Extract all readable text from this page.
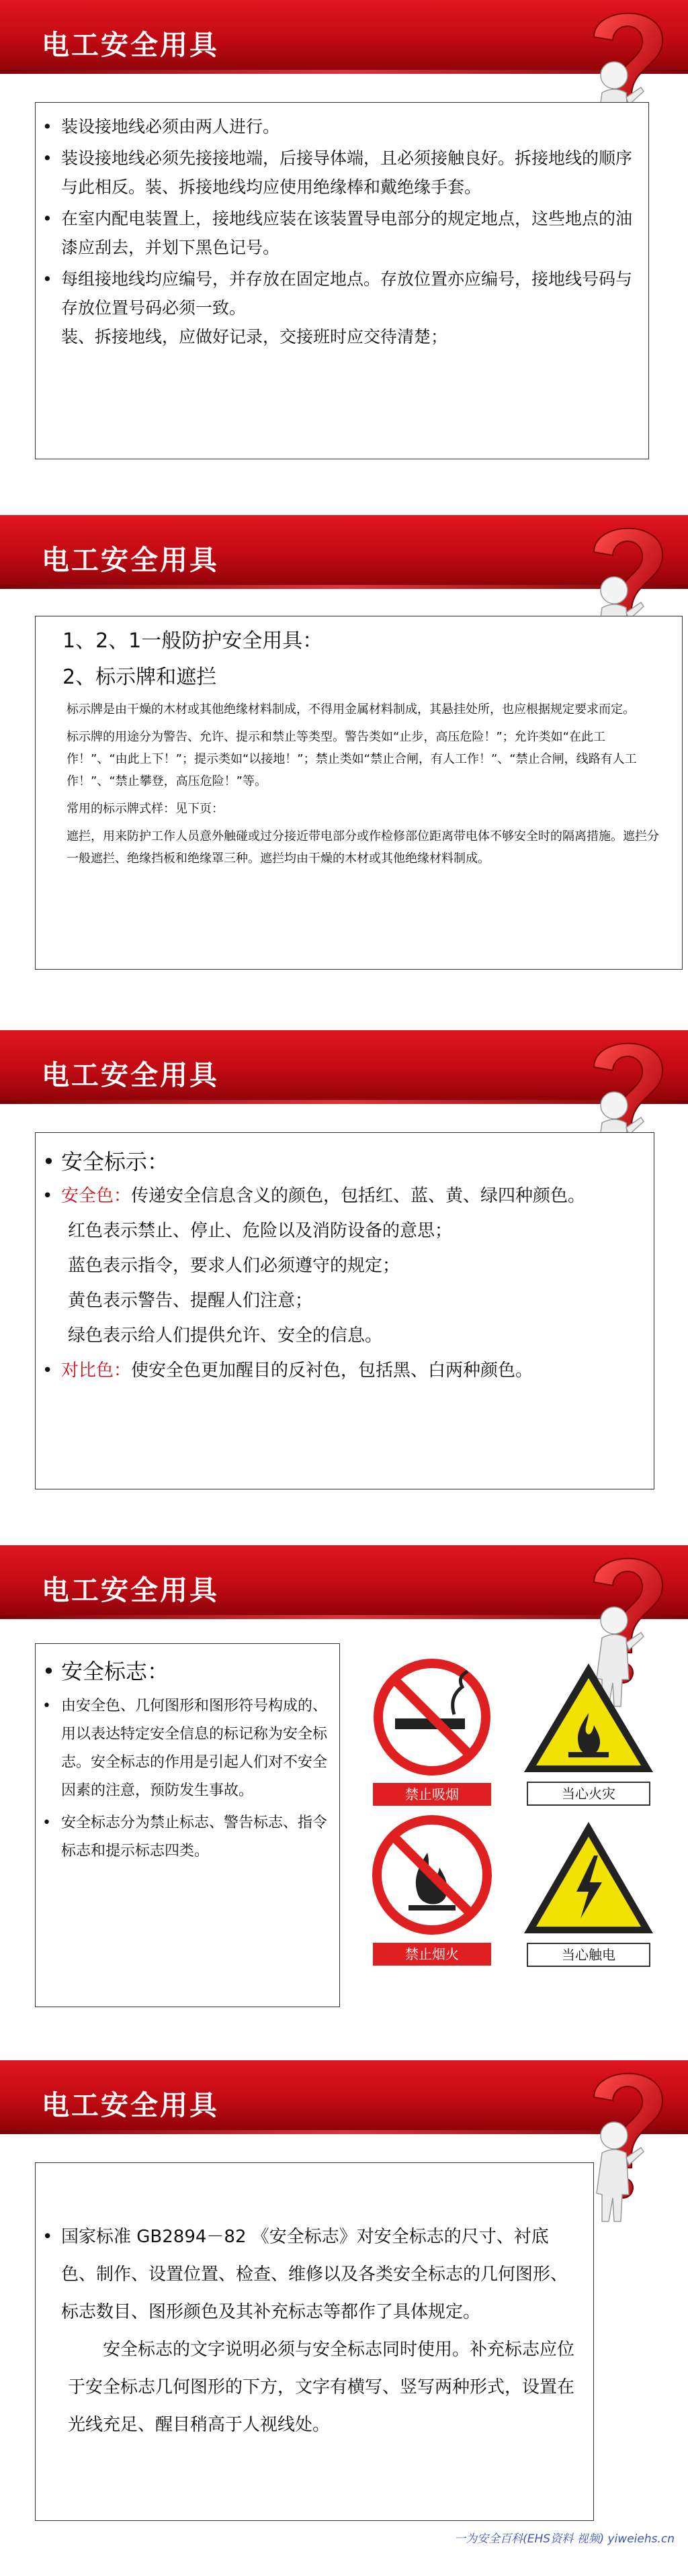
电工安全用具
• 装设接地线必须由两人进行。
• 装设接地线必须先接接地端，后接导体端，且必须接触良好。拆接地线的顺序与此相反。装、拆接地线均应使用绝缘棒和戴绝缘手套。
• 在室内配电装置上，接地线应装在该装置导电部分的规定地点，这些地点的油漆应刮去，并划下黑色记号。
• 每组接地线均应编号，并存放在固定地点。存放位置亦应编号，接地线号码与存放位置号码必须一致。
装、拆接地线，应做好记录，交接班时应交待清楚；
电工安全用具
1、2、1一般防护安全用具：
2、标示牌和遮拦

标示牌是由干燥的木材或其他绝缘材料制成，不得用金属材料制成，其悬挂处所，也应根据规定要求而定。

标示牌的用途分为警告、允许、提示和禁止等类型。警告类如“止步，高压危险！”；允许类如“在此工作！”、“由此上下！”；提示类如“以接地！”；禁止类如“禁止合闸，有人工作！”、“禁止合闸，线路有人工作！”、“禁止攀登，高压危险！”等。

常用的标示牌式样：见下页：

遮拦，用来防护工作人员意外触碰或过分接近带电部分或作检修部位距离带电体不够安全时的隔离措施。遮拦分一般遮拦、绝缘挡板和绝缘罩三种。遮拦均由干燥的木材或其他绝缘材料制成。

电工安全用具
• 安全标示：
• 安全色：传递安全信息含义的颜色，包括红、蓝、黄、绿四种颜色。
红色表示禁止、停止、危险以及消防设备的意思；
蓝色表示指令，要求人们必须遵守的规定；
黄色表示警告、提醒人们注意；
绿色表示给人们提供允许、安全的信息。
• 对比色：使安全色更加醒目的反衬色，包括黑、白两种颜色。
电工安全用具
• 安全标志：
• 由安全色、几何图形和图形符号构成的、用以表达特定安全信息的标记称为安全标志。安全标志的作用是引起人们对不安全因素的注意，预防发生事故。
• 安全标志分为禁止标志、警告标志、指令标志和提示标志四类。
禁止吸烟	当心火灾
禁止烟火	当心触电
电工安全用具
• 国家标准 GB2894－82 《安全标志》对安全标志的尺寸、衬底色、制作、设置位置、检查、维修以及各类安全标志的几何图形、标志数目、图形颜色及其补充标志等都作了具体规定。
安全标志的文字说明必须与安全标志同时使用。补充标志应位于安全标志几何图形的下方，文字有横写、竖写两种形式，设置在光线充足、醒目稍高于人视线处。
一为安全百科(EHS资料 视频) yiweiehs.cn
